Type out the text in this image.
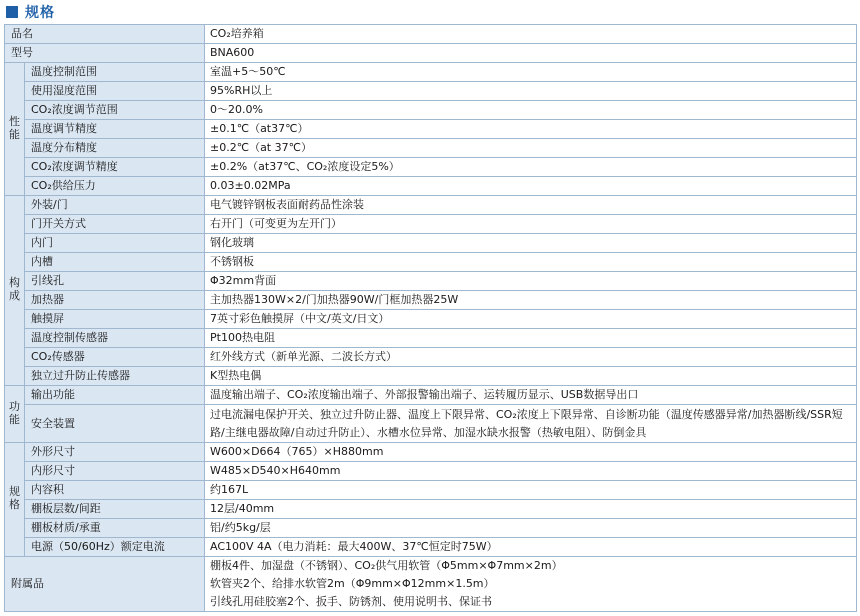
规格
品名		CO₂培养箱
型号		BNA600
性能	温度控制范围	室温+5～50℃
	使用湿度范围	95%RH以上
	CO₂浓度调节范围	0～20.0%
	温度调节精度	±0.1℃（at37℃）
	温度分布精度	±0.2℃（at 37℃）
	CO₂浓度调节精度	±0.2%（at37℃、CO₂浓度设定5%）
	CO₂供给压力	0.03±0.02MPa
构成	外装/门	电气镀锌钢板表面耐药品性涂装
	门开关方式	右开门（可变更为左开门）
	内门	钢化玻璃
	内槽	不锈钢板
	引线孔	Φ32mm背面
	加热器	主加热器130W×2/门加热器90W/门框加热器25W
	触摸屏	7英寸彩色触摸屏（中文/英文/日文）
	温度控制传感器	Pt100热电阻
	CO₂传感器	红外线方式（新单光源、二波长方式）
	独立过升防止传感器	K型热电偶
功能	输出功能	温度输出端子、CO₂浓度输出端子、外部报警输出端子、运转履历显示、USB数据导出口
	安全装置	过电流漏电保护开关、独立过升防止器、温度上下限异常、CO₂浓度上下限异常、自诊断功能（温度传感器异常/加热器断线/SSR短路/主继电器故障/自动过升防止）、水槽水位异常、加湿水缺水报警（热敏电阻）、防倒金具
规格	外形尺寸	W600×D664（765）×H880mm
	内形尺寸	W485×D540×H640mm
	内容积	约167L
	棚板层数/间距	12层/40mm
	棚板材质/承重	铝/约5kg/层
	电源（50/60Hz）额定电流	AC100V 4A（电力消耗：最大400W、37℃恒定时75W）
附属品		棚板4件、加湿盘（不锈钢）、CO₂供气用软管（Φ5mm×Φ7mm×2m）
软管夹2个、给排水软管2m（Φ9mm×Φ12mm×1.5m）
引线孔用硅胶塞2个、扳手、防锈剂、使用说明书、保证书
